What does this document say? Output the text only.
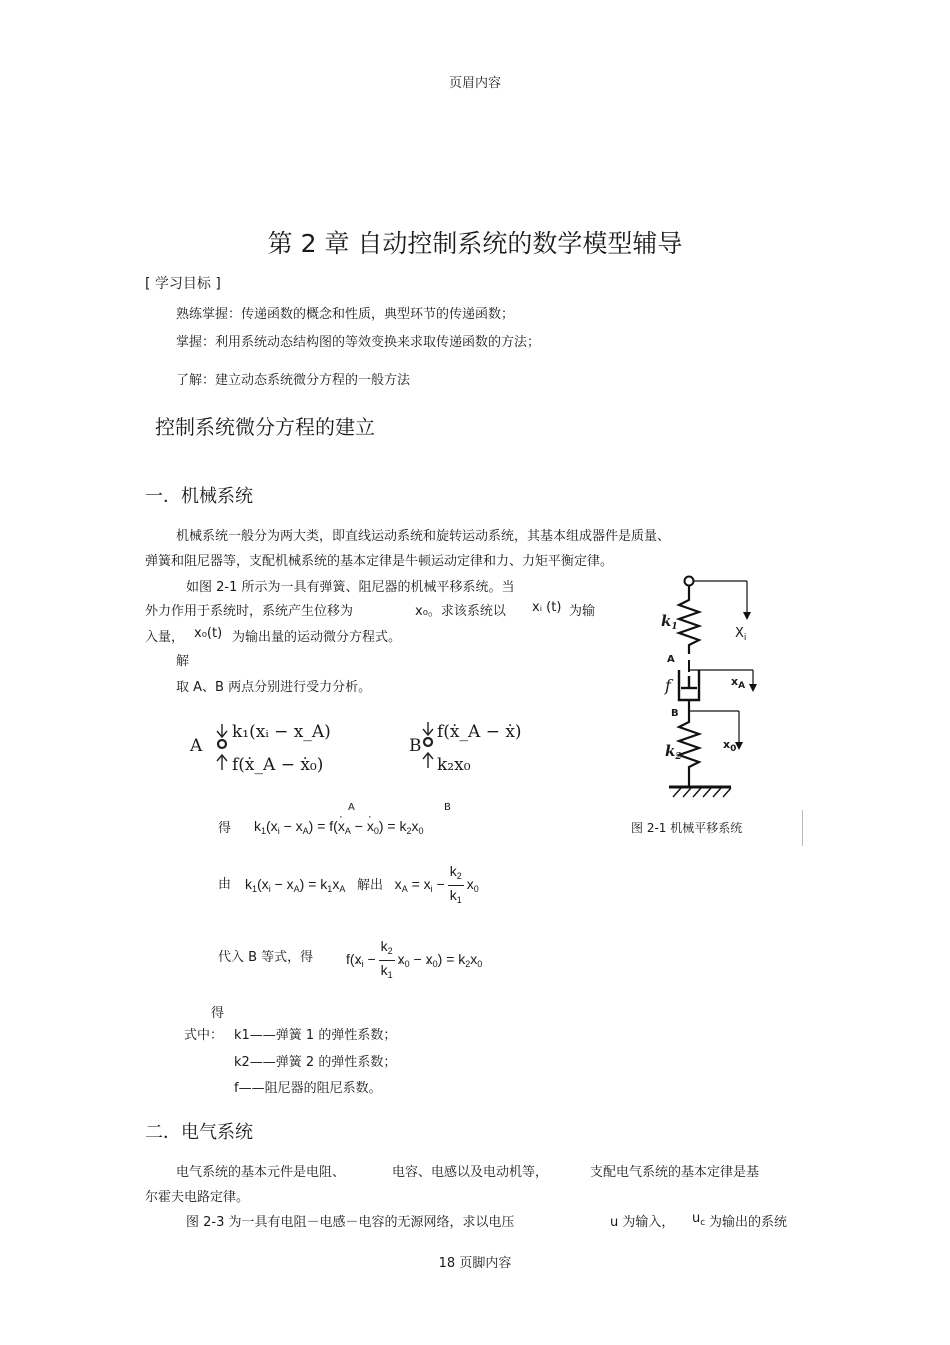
页眉内容
第 2 章 自动控制系统的数学模型辅导
[ 学习目标 ]
熟练掌握：传递函数的概念和性质，典型环节的传递函数；
掌握：利用系统动态结构图的等效变换来求取传递函数的方法；
了解：建立动态系统微分方程的一般方法
控制系统微分方程的建立
一．机械系统
机械系统一般分为两大类，即直线运动系统和旋转运动系统，其基本组成器件是质量、
弹簧和阻尼器等，支配机械系统的基本定律是牛顿运动定律和力、力矩平衡定律。
如图 2-1 所示为一具有弹簧、阻尼器的机械平移系统。当
外力作用于系统时，系统产生位移为	x₀。求该系统以 xᵢ (t) 为输
入量， x₀(t) 为输出量的运动微分方程式。
解
取 A、B 两点分别进行受力分析。
A
k₁(xᵢ − x_A)
f(ẋ_A − ẋ₀)
B
f(ẋ_A − ẋ)
k₂x₀
得
A	B
$k_1(x_i - x_A) = f(\cdot x_A$ − · $x_0) = k_2x_0$
由 $k_1(x_i - x_A) = k_1x_A$ 解出   $x_A = x_i - \frac{k_2}{k_1} x_0$
代入 B 等式，得 $f(\cdot x_i - \frac{k_2}{k_1}$
· $x_0$ − · $x_0) = k_2x_0$
得
式中： k1——弹簧 1 的弹性系数；
k2——弹簧 2 的弹性系数；
f——阻尼器的阻尼系数。
$k_1$	$X_i$
A
f	$x_A$
B
$k_2$
$x_0$
图 2-1 机械平移系统
二．电气系统
电气系统的基本元件是电阻、	电容、电感以及电动机等，	支配电气系统的基本定律是基
尔霍夫电路定律。
图 2-3 为一具有电阻－电感－电容的无源网络，求以电压	u 为输入， $u_c$ 为输出的系统
18 页脚内容
